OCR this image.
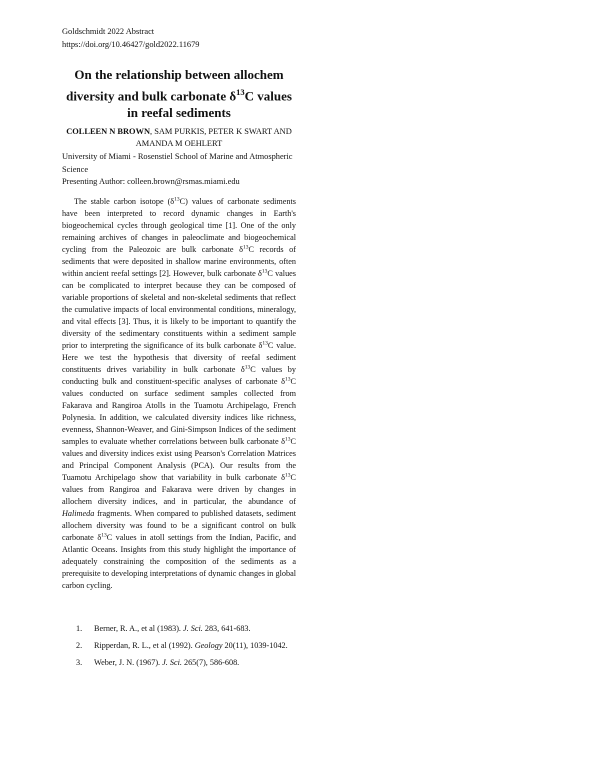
Goldschmidt 2022 Abstract
https://doi.org/10.46427/gold2022.11679
On the relationship between allochem diversity and bulk carbonate $\delta^{13}C$ values in reefal sediments
COLLEEN N BROWN, SAM PURKIS, PETER K SWART AND AMANDA M OEHLERT
University of Miami - Rosenstiel School of Marine and Atmospheric Science
Presenting Author: colleen.brown@rsmas.miami.edu

The stable carbon isotope $(\delta^{13}C)$ values of carbonate sediments have been interpreted to record dynamic changes in Earth's biogeochemical cycles through geological time [1]. One of the only remaining archives of changes in paleoclimate and biogeochemical cycling from the Paleozoic are bulk carbonate $\delta^{13}C$ records of sediments that were deposited in shallow marine environments, often within ancient reefal settings [2]. However, bulk carbonate $\delta^{13}C$ values can be complicated to interpret because they can be composed of variable proportions of skeletal and non-skeletal sediments that reflect the cumulative impacts of local environmental conditions, mineralogy, and vital effects [3]. Thus, it is likely to be important to quantify the diversity of the sedimentary constituents within a sediment sample prior to interpreting the significance of its bulk carbonate $\delta^{13}C$ value. Here we test the hypothesis that diversity of reefal sediment constituents drives variability in bulk carbonate $\delta^{13}C$ values by conducting bulk and constituent-specific analyses of carbonate $\delta^{13}C$ values conducted on surface sediment samples collected from Fakarava and Rangiroa Atolls in the Tuamotu Archipelago, French Polynesia. In addition, we calculated diversity indices like richness, evenness, Shannon-Weaver, and Gini-Simpson Indices of the sediment samples to evaluate whether correlations between bulk carbonate $\delta^{13}C$ values and diversity indices exist using Pearson's Correlation Matrices and Principal Component Analysis (PCA). Our results from the Tuamotu Archipelago show that variability in bulk carbonate $\delta^{13}C$ values from Rangiroa and Fakarava were driven by changes in allochem diversity indices, and in particular, the abundance of Halimeda fragments. When compared to published datasets, sediment allochem diversity was found to be a significant control on bulk carbonate $\delta^{13}C$ values in atoll settings from the Indian, Pacific, and Atlantic Oceans. Insights from this study highlight the importance of adequately constraining the composition of the sediments as a prerequisite to developing interpretations of dynamic changes in global carbon cycling.

1. Berner, R. A., et al (1983). J. Sci. 283, 641-683.
2. Ripperdan, R. L., et al (1992). Geology 20(11), 1039-1042.
3. Weber, J. N. (1967). J. Sci. 265(7), 586-608.
